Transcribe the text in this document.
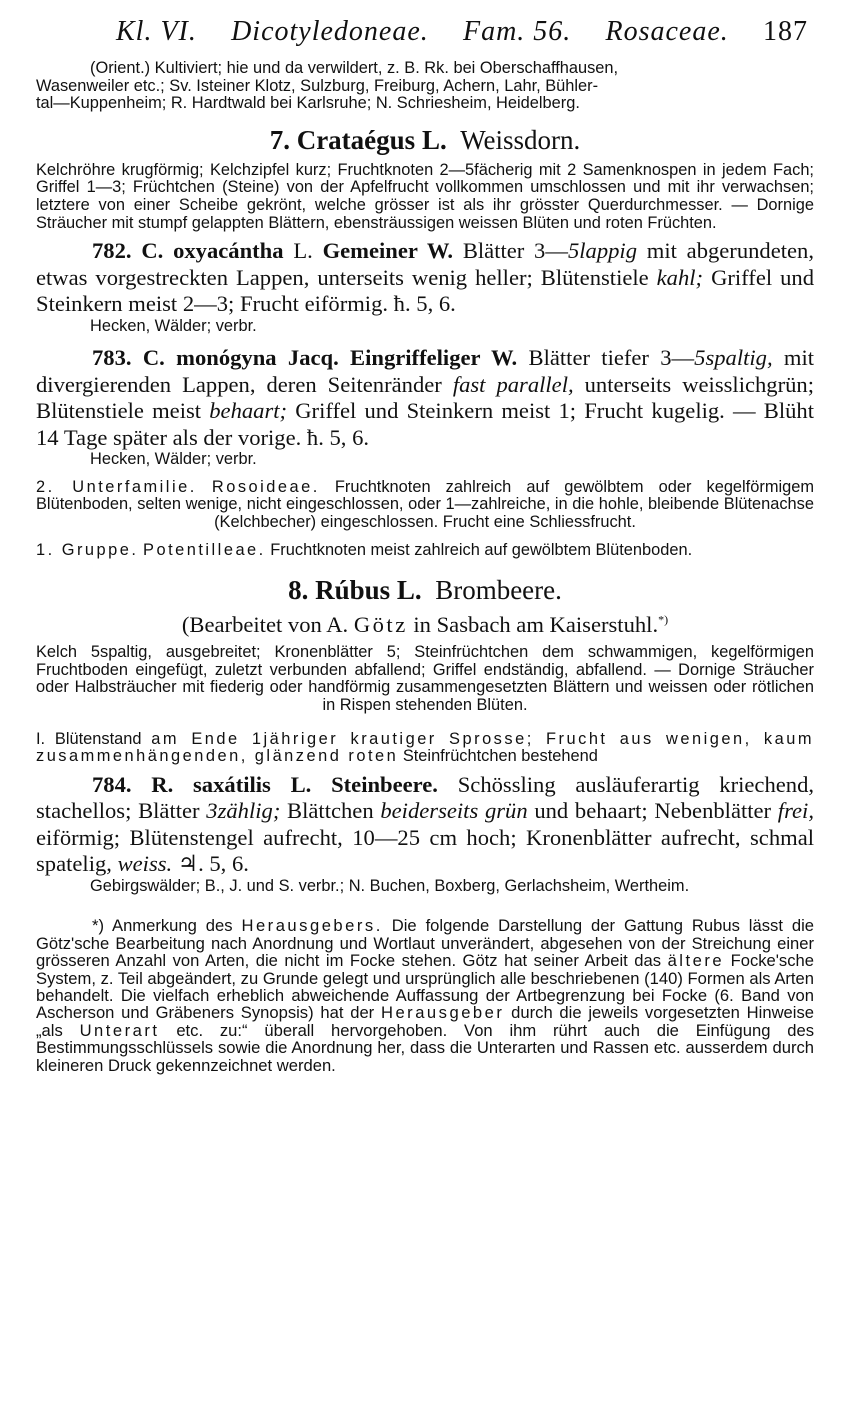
Kl. VI. Dicotyledoneae. Fam. 56. Rosaceae. 187

(Orient.) Kultiviert; hie und da verwildert, z. B. Rk. bei Oberschaffhausen,

Wasenweiler etc.; Sv. Isteiner Klotz, Sulzburg, Freiburg, Achern, Lahr, Bühler-

tal—Kuppenheim; R. Hardtwald bei Karlsruhe; N. Schriesheim, Heidelberg.

7. Crataégus L. Weissdorn.

Kelchröhre krugförmig; Kelchzipfel kurz; Fruchtknoten 2—5fächerig mit 2 Samenknospen in jedem Fach; Griffel 1—3; Früchtchen (Steine) von der Apfelfrucht vollkommen umschlossen und mit ihr verwachsen; letztere von einer Scheibe gekrönt, welche grösser ist als ihr grösster Querdurchmesser. — Dornige Sträucher mit stumpf gelappten Blättern, ebensträussigen weissen Blüten und roten Früchten.

782. C. oxyacántha L. Gemeiner W. Blätter 3—5lappig mit abgerundeten, etwas vorgestreckten Lappen, unterseits wenig heller; Blütenstiele kahl; Griffel und Steinkern meist 2—3; Frucht eiförmig. ħ. 5, 6.

Hecken, Wälder; verbr.

783. C. monógyna Jacq. Eingriffeliger W. Blätter tiefer 3—5spaltig, mit divergierenden Lappen, deren Seitenränder fast parallel, unterseits weisslichgrün; Blütenstiele meist behaart; Griffel und Steinkern meist 1; Frucht kugelig. — Blüht 14 Tage später als der vorige. ħ. 5, 6.

Hecken, Wälder; verbr.

2. Unterfamilie. Rosoideae. Fruchtknoten zahlreich auf gewölbtem oder kegelförmigem Blütenboden, selten wenige, nicht eingeschlossen, oder 1—zahlreiche, in die hohle, bleibende Blütenachse (Kelchbecher) eingeschlossen. Frucht eine Schliessfrucht.

1. Gruppe. Potentilleae. Fruchtknoten meist zahlreich auf gewölbtem Blütenboden.

8. Rúbus L. Brombeere.
(Bearbeitet von A. Götz in Sasbach am Kaiserstuhl.*)

Kelch 5spaltig, ausgebreitet; Kronenblätter 5; Steinfrüchtchen dem schwammigen, kegelförmigen Fruchtboden eingefügt, zuletzt verbunden abfallend; Griffel endständig, abfallend. — Dornige Sträucher oder Halbsträucher mit fiederig oder handförmig zusammengesetzten Blättern und weissen oder rötlichen in Rispen stehenden Blüten.

I. Blütenstand am Ende 1jähriger krautiger Sprosse; Frucht aus wenigen, kaum zusammenhängenden, glänzend roten Steinfrüchtchen bestehend

784. R. saxátilis L. Steinbeere. Schössling ausläuferartig kriechend, stachellos; Blätter 3zählig; Blättchen beiderseits grün und behaart; Nebenblätter frei, eiförmig; Blütenstengel aufrecht, 10—25 cm hoch; Kronenblätter aufrecht, schmal spatelig, weiss. ♃. 5, 6.

Gebirgswälder; B., J. und S. verbr.; N. Buchen, Boxberg, Gerlachsheim, Wertheim.

*) Anmerkung des Herausgebers. Die folgende Darstellung der Gattung Rubus lässt die Götz'sche Bearbeitung nach Anordnung und Wortlaut unverändert, abgesehen von der Streichung einer grösseren Anzahl von Arten, die nicht im Focke stehen. Götz hat seiner Arbeit das ältere Focke'sche System, z. Teil abgeändert, zu Grunde gelegt und ursprünglich alle beschriebenen (140) Formen als Arten behandelt. Die vielfach erheblich abweichende Auffassung der Artbegrenzung bei Focke (6. Band von Ascherson und Gräbeners Synopsis) hat der Herausgeber durch die jeweils vorgesetzten Hinweise „als Unterart etc. zu:“ überall hervorgehoben. Von ihm rührt auch die Einfügung des Bestimmungsschlüssels sowie die Anordnung her, dass die Unterarten und Rassen etc. ausserdem durch kleineren Druck gekennzeichnet werden.
